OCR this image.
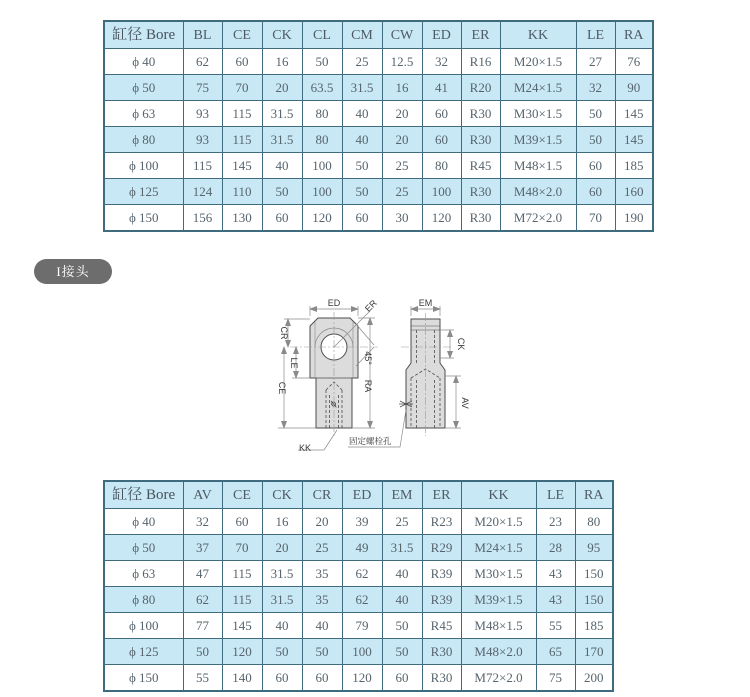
缸径 Bore	BL	CE	CK	CL	CM	CW	ED	ER	KK	LE	RA
ϕ 40	62	60	16	50	25	12.5	32	R16	M20×1.5	27	76
ϕ 50	75	70	20	63.5	31.5	16	41	R20	M24×1.5	32	90
ϕ 63	93	115	31.5	80	40	20	60	R30	M30×1.5	50	145
ϕ 80	93	115	31.5	80	40	20	60	R30	M39×1.5	50	145
ϕ 100	115	145	40	100	50	25	80	R45	M48×1.5	60	185
ϕ 125	124	110	50	100	50	25	100	R30	M48×2.0	60	160
ϕ 150	156	130	60	120	60	30	120	R30	M72×2.0	70	190
I接头
ϕ
ED	ER
45°
CR
LE
CE	RA
KK
EM
CK
AV
固定螺栓孔
缸径 Bore	AV	CE	CK	CR	ED	EM	ER	KK	LE	RA
ϕ 40	32	60	16	20	39	25	R23	M20×1.5	23	80
ϕ 50	37	70	20	25	49	31.5	R29	M24×1.5	28	95
ϕ 63	47	115	31.5	35	62	40	R39	M30×1.5	43	150
ϕ 80	62	115	31.5	35	62	40	R39	M39×1.5	43	150
ϕ 100	77	145	40	40	79	50	R45	M48×1.5	55	185
ϕ 125	50	120	50	50	100	50	R30	M48×2.0	65	170
ϕ 150	55	140	60	60	120	60	R30	M72×2.0	75	200
